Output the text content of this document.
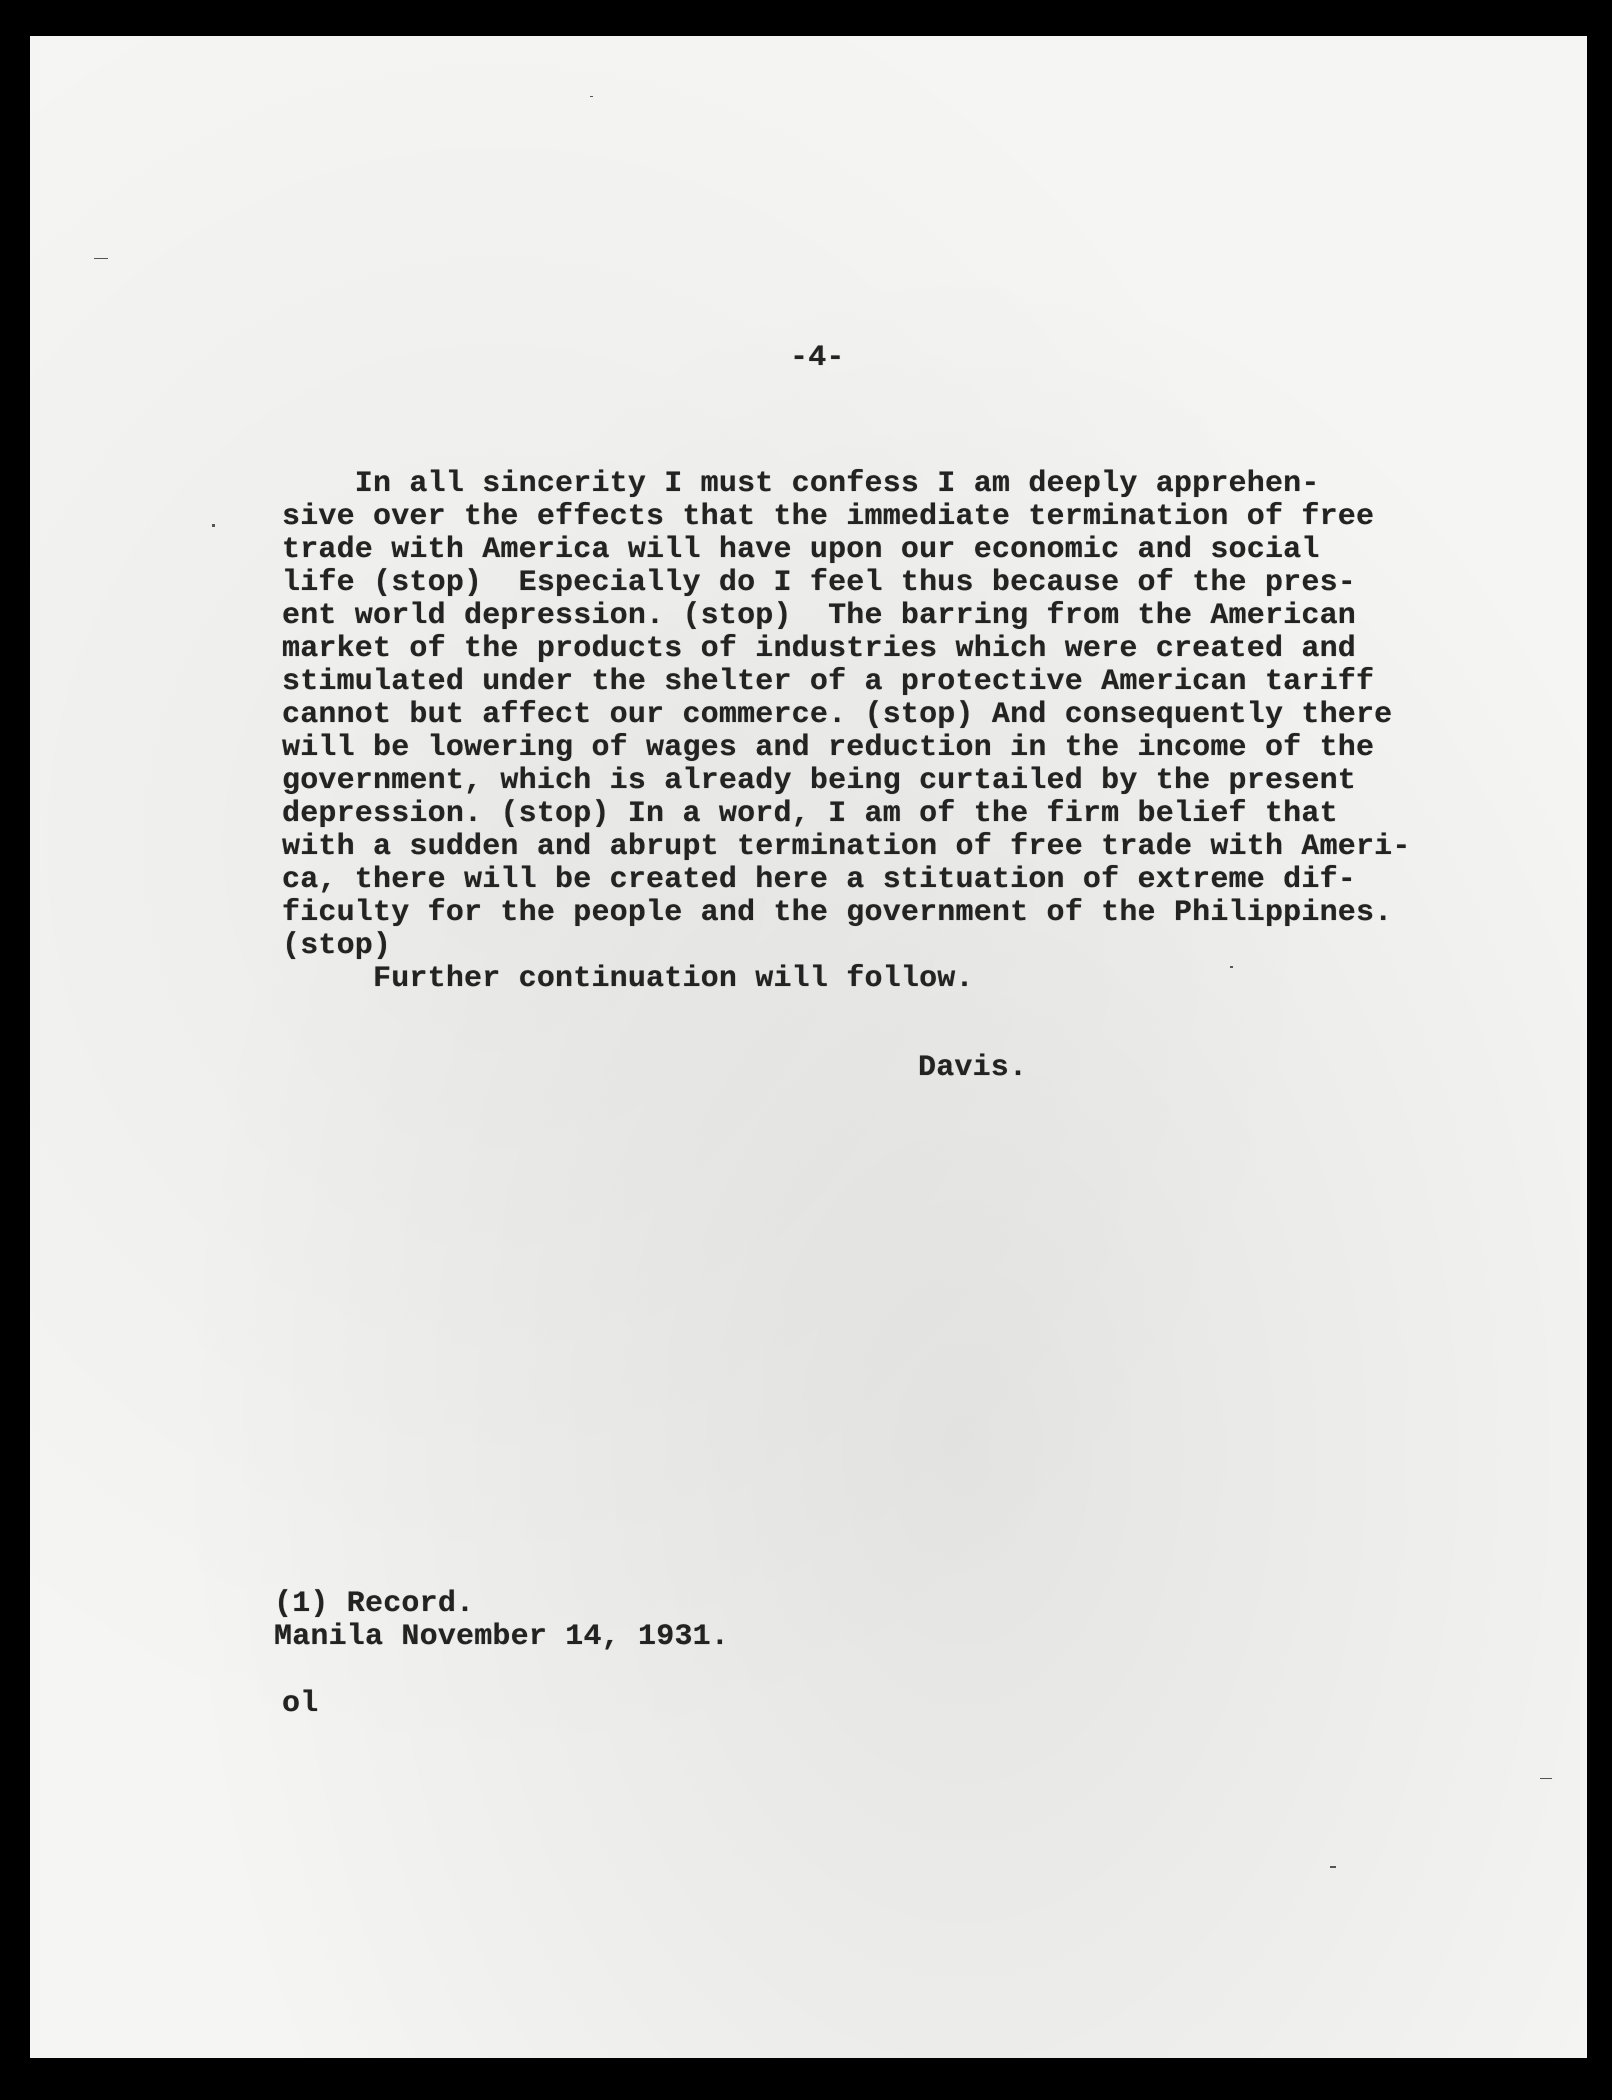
-4-

In all sincerity I must confess I am deeply apprehen-

sive over the effects that the immediate termination of free

trade with America will have upon our economic and social

life (stop)  Especially do I feel thus because of the pres-

ent world depression. (stop)  The barring from the American

market of the products of industries which were created and

stimulated under the shelter of a protective American tariff

cannot but affect our commerce. (stop) And consequently there

will be lowering of wages and reduction in the income of the

government, which is already being curtailed by the present

depression. (stop) In a word, I am of the firm belief that

with a sudden and abrupt termination of free trade with Ameri-

ca, there will be created here a stituation of extreme dif-

ficulty for the people and the government of the Philippines.

(stop)

Further continuation will follow.

Davis.

(1) Record.

Manila November 14, 1931.

ol
